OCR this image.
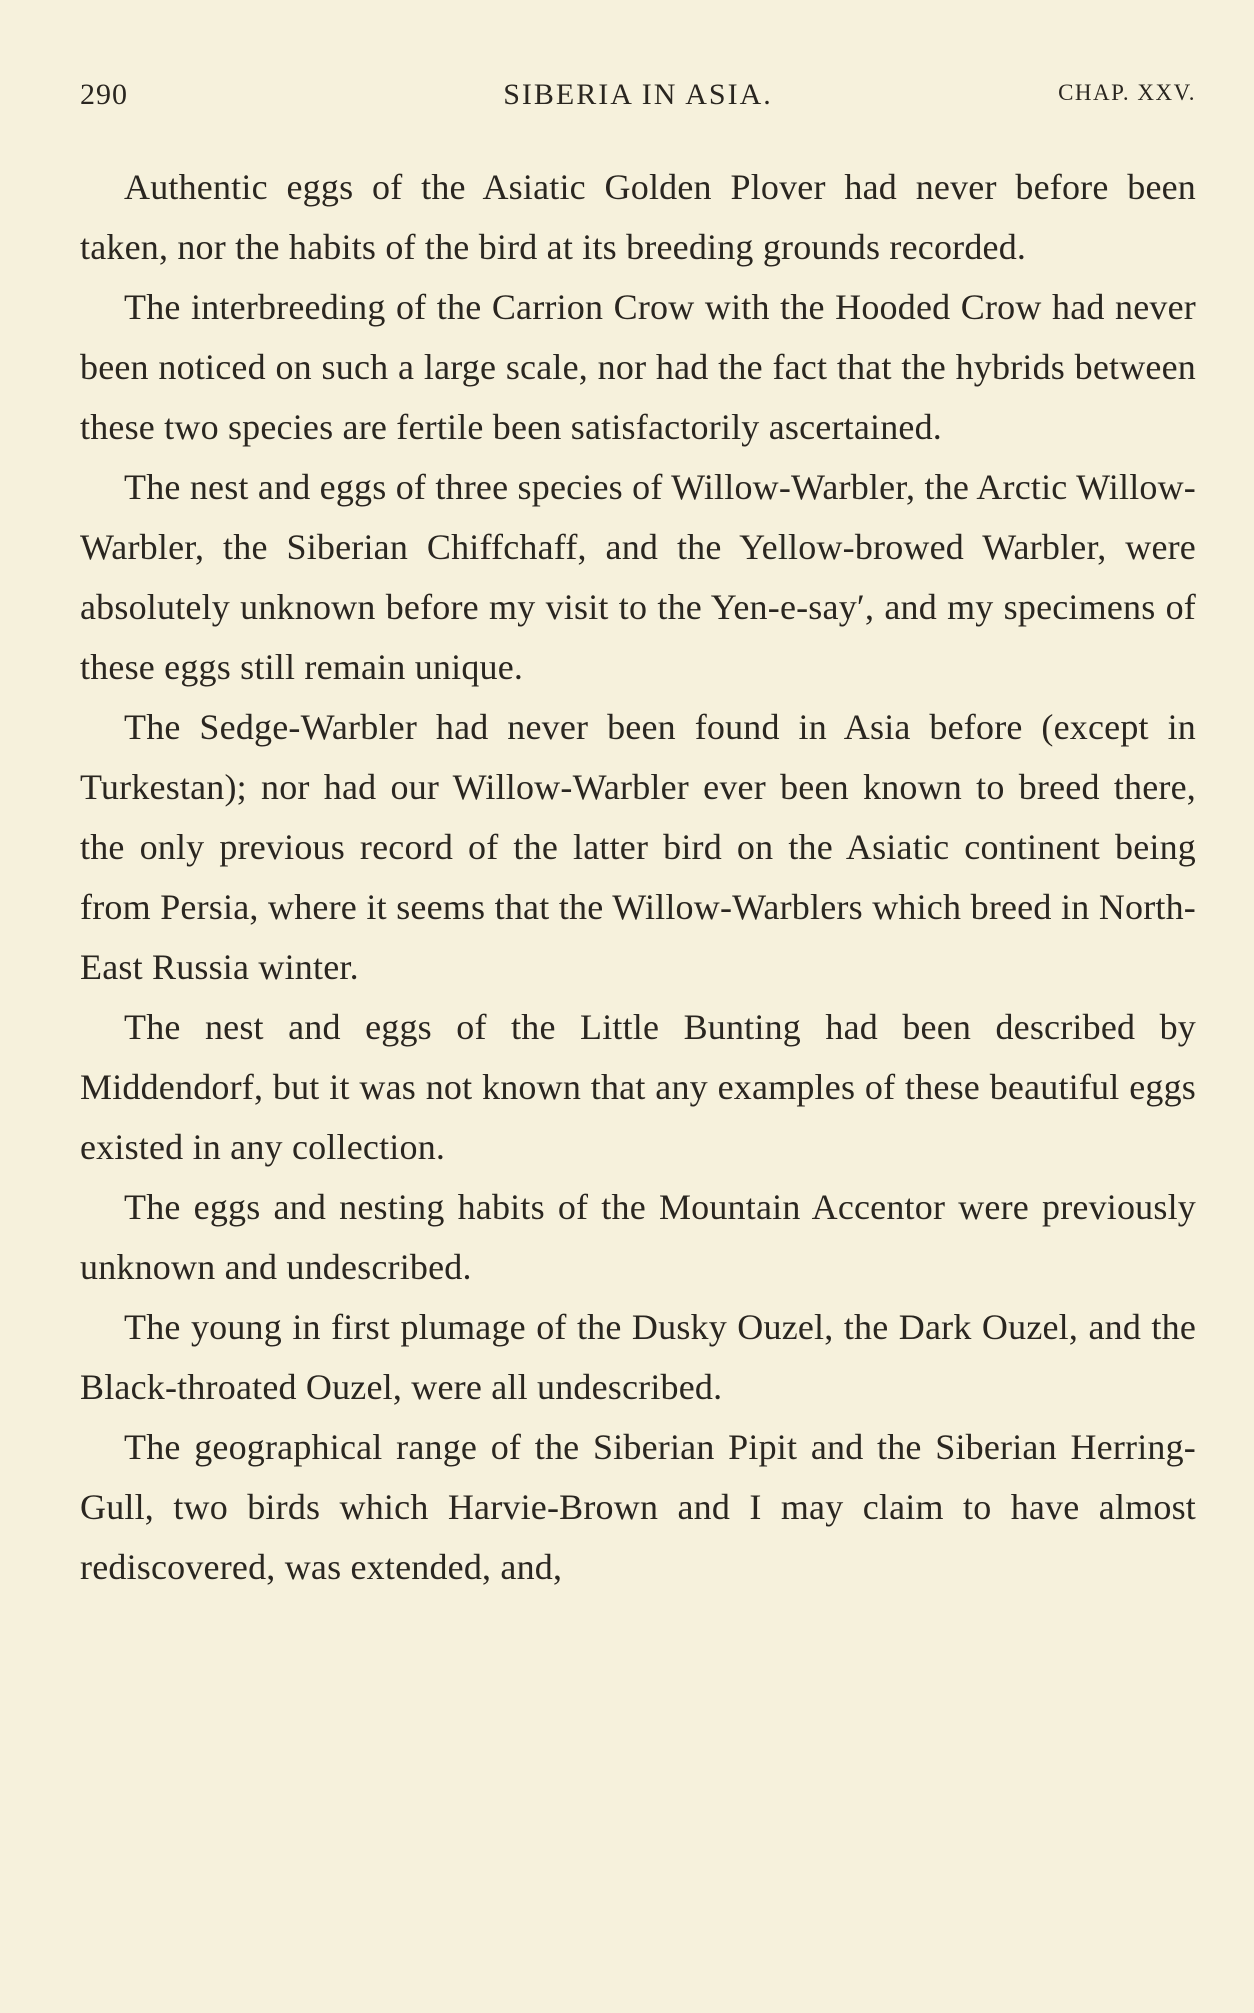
290	SIBERIA IN ASIA.	CHAP. XXV.

Authentic eggs of the Asiatic Golden Plover had never before been taken, nor the habits of the bird at its breeding grounds recorded.

The interbreeding of the Carrion Crow with the Hooded Crow had never been noticed on such a large scale, nor had the fact that the hybrids between these two species are fertile been satisfactorily ascertained.

The nest and eggs of three species of Willow-Warbler, the Arctic Willow-Warbler, the Siberian Chiffchaff, and the Yellow-browed Warbler, were absolutely unknown before my visit to the Yen-e-say′, and my specimens of these eggs still remain unique.

The Sedge-Warbler had never been found in Asia before (except in Turkestan); nor had our Willow-Warbler ever been known to breed there, the only previous record of the latter bird on the Asiatic continent being from Persia, where it seems that the Willow-Warblers which breed in North-East Russia winter.

The nest and eggs of the Little Bunting had been described by Middendorf, but it was not known that any examples of these beautiful eggs existed in any collection.

The eggs and nesting habits of the Mountain Accentor were previously unknown and undescribed.

The young in first plumage of the Dusky Ouzel, the Dark Ouzel, and the Black-throated Ouzel, were all undescribed.

The geographical range of the Siberian Pipit and the Siberian Herring-Gull, two birds which Harvie-Brown and I may claim to have almost rediscovered, was extended, and,
